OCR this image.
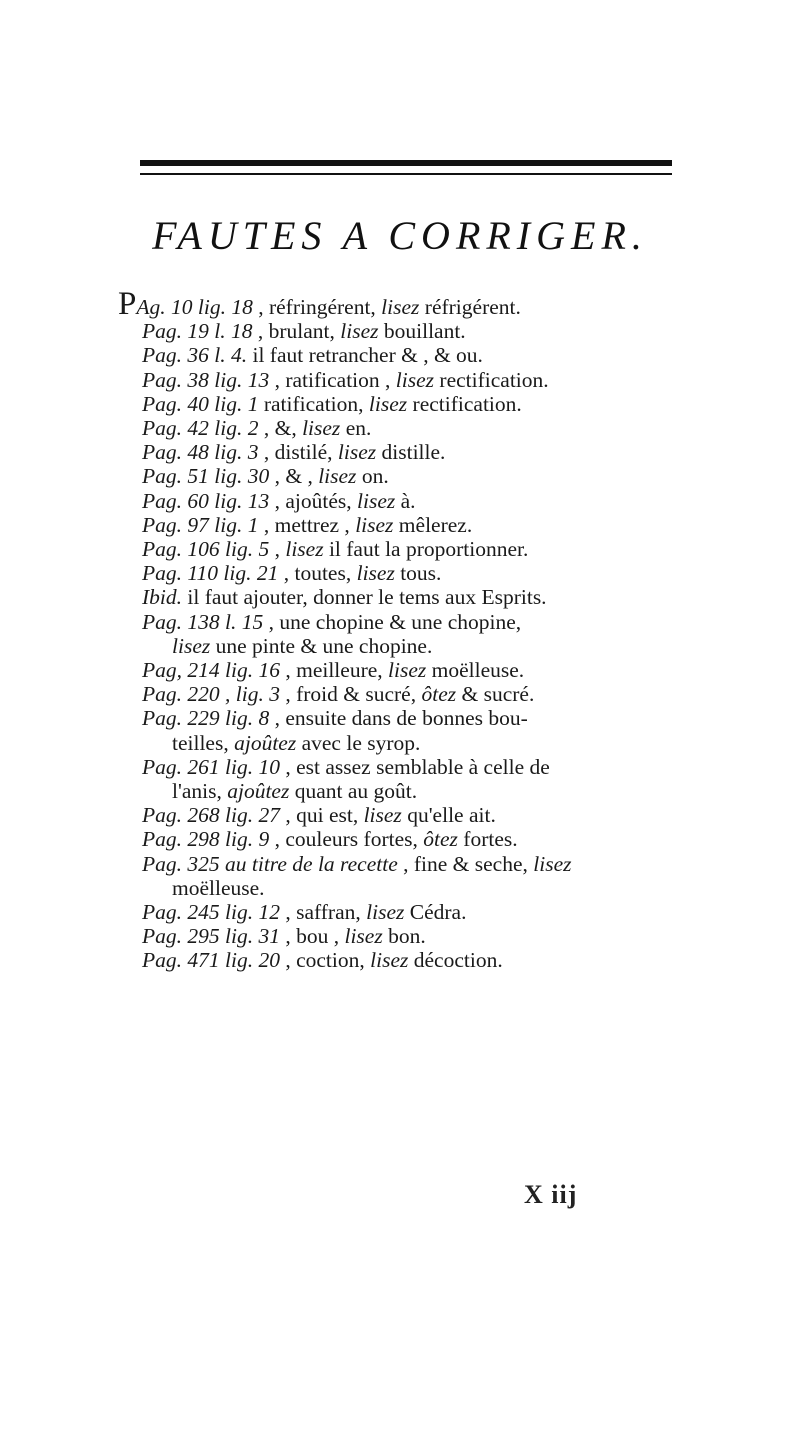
FAUTES A CORRIGER.
PAg. 10 lig. 18 , réfringérent, lisez réfrigérent.
Pag. 19 l. 18 , brulant, lisez bouillant.
Pag. 36 l. 4. il faut retrancher & , & ou.
Pag. 38 lig. 13 , ratification , lisez rectification.
Pag. 40 lig. 1 ratification, lisez rectification.
Pag. 42 lig. 2 , &, lisez en.
Pag. 48 lig. 3 , distilé, lisez distille.
Pag. 51 lig. 30 , & , lisez on.
Pag. 60 lig. 13 , ajoûtés, lisez à.
Pag. 97 lig. 1 , mettrez , lisez mêlerez.
Pag. 106 lig. 5 , lisez il faut la proportionner.
Pag. 110 lig. 21 , toutes, lisez tous.
Ibid. il faut ajouter, donner le tems aux Esprits.
Pag. 138 l. 15 , une chopine & une chopine,
lisez une pinte & une chopine.
Pag, 214 lig. 16 , meilleure, lisez moëlleuse.
Pag. 220 , lig. 3 , froid & sucré, ôtez & sucré.
Pag. 229 lig. 8 , ensuite dans de bonnes bou-
teilles, ajoûtez avec le syrop.
Pag. 261 lig. 10 , est assez semblable à celle de
l'anis, ajoûtez quant au goût.
Pag. 268 lig. 27 , qui est, lisez qu'elle ait.
Pag. 298 lig. 9 , couleurs fortes, ôtez fortes.
Pag. 325 au titre de la recette , fine & seche, lisez
moëlleuse.
Pag. 245 lig. 12 , saffran, lisez Cédra.
Pag. 295 lig. 31 , bou , lisez bon.
Pag. 471 lig. 20 , coction, lisez décoction.
X iij
